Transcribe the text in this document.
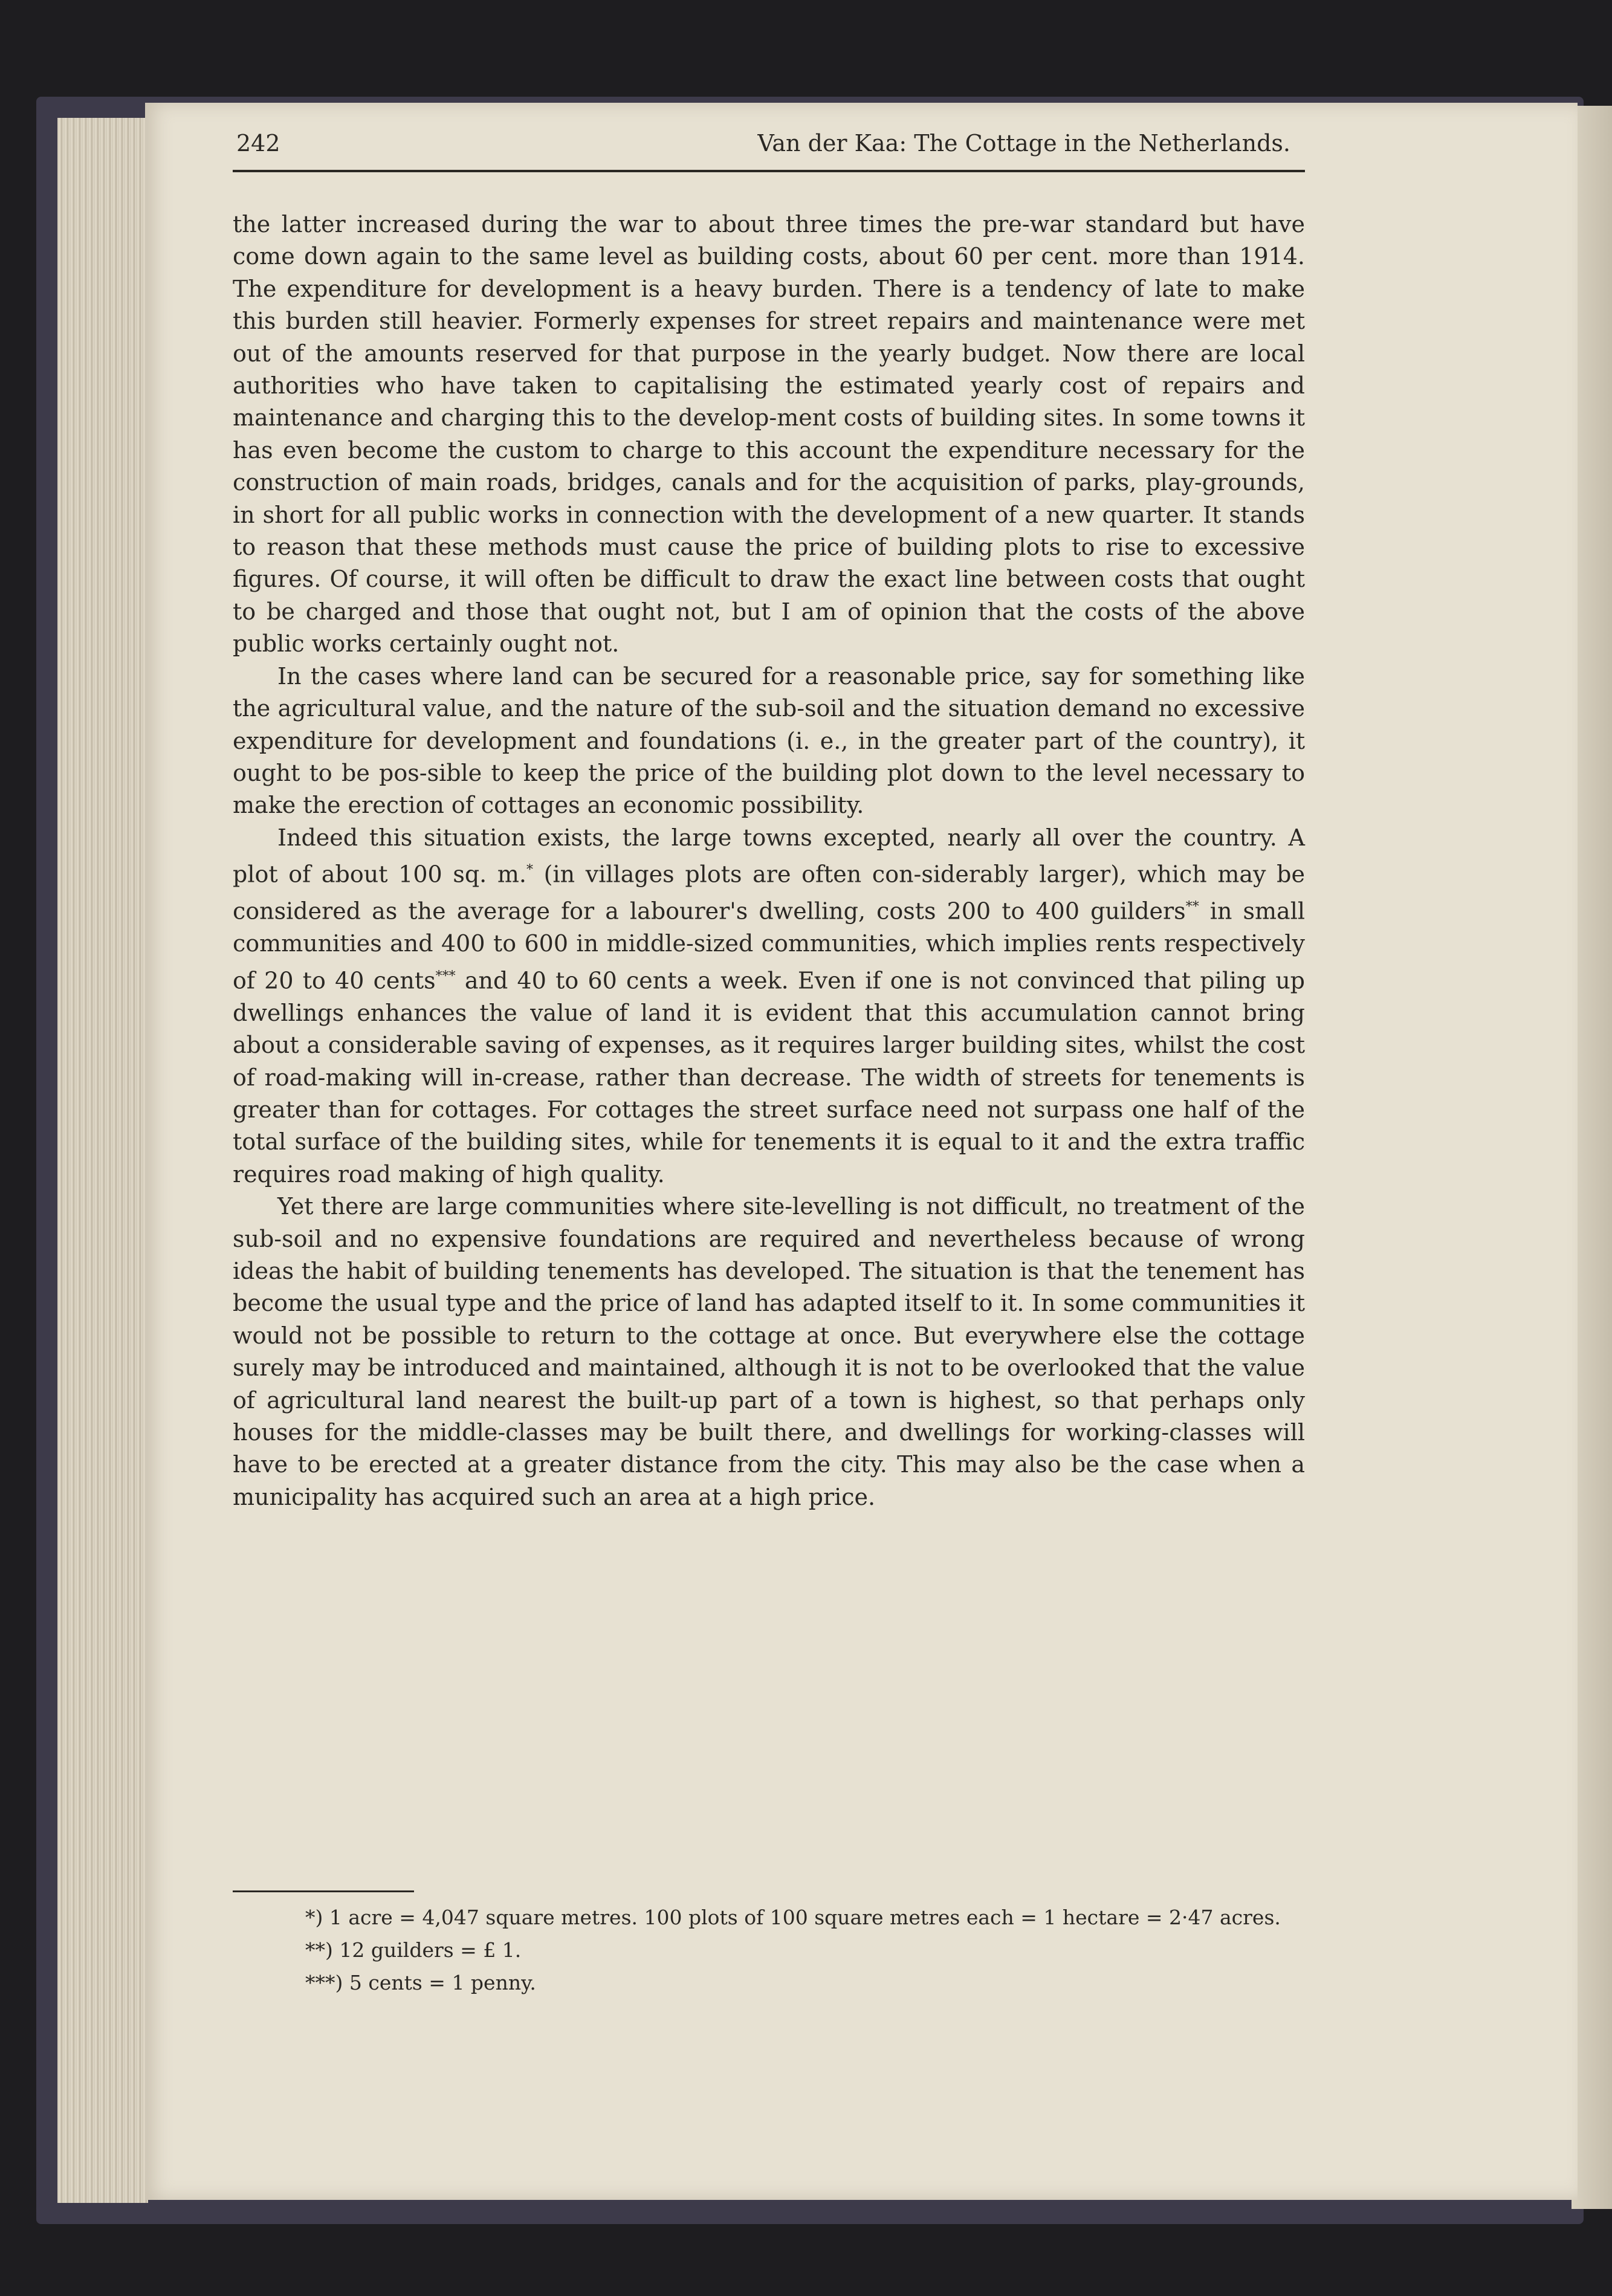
242	Van der Kaa: The Cottage in the Netherlands.

the latter increased during the war to about three times the pre-war standard but have come down again to the same level as building costs, about 60 per cent. more than 1914. The expenditure for development is a heavy burden. There is a tendency of late to make this burden still heavier. Formerly expenses for street repairs and maintenance were met out of the amounts reserved for that purpose in the yearly budget. Now there are local authorities who have taken to capitalising the estimated yearly cost of repairs and maintenance and charging this to the develop-ment costs of building sites. In some towns it has even become the custom to charge to this account the expenditure necessary for the construction of main roads, bridges, canals and for the acquisition of parks, play-grounds, in short for all public works in connection with the development of a new quarter. It stands to reason that these methods must cause the price of building plots to rise to excessive figures. Of course, it will often be difficult to draw the exact line between costs that ought to be charged and those that ought not, but I am of opinion that the costs of the above public works certainly ought not.

In the cases where land can be secured for a reasonable price, say for something like the agricultural value, and the nature of the sub-soil and the situation demand no excessive expenditure for development and foundations (i. e., in the greater part of the country), it ought to be pos-sible to keep the price of the building plot down to the level necessary to make the erection of cottages an economic possibility.

Indeed this situation exists, the large towns excepted, nearly all over the country. A plot of about 100 sq. m.* (in villages plots are often con-siderably larger), which may be considered as the average for a labourer's dwelling, costs 200 to 400 guilders** in small communities and 400 to 600 in middle-sized communities, which implies rents respectively of 20 to 40 cents*** and 40 to 60 cents a week. Even if one is not convinced that piling up dwellings enhances the value of land it is evident that this accumulation cannot bring about a considerable saving of expenses, as it requires larger building sites, whilst the cost of road-making will in-crease, rather than decrease. The width of streets for tenements is greater than for cottages. For cottages the street surface need not surpass one half of the total surface of the building sites, while for tenements it is equal to it and the extra traffic requires road making of high quality.

Yet there are large communities where site-levelling is not difficult, no treatment of the sub-soil and no expensive foundations are required and nevertheless because of wrong ideas the habit of building tenements has developed. The situation is that the tenement has become the usual type and the price of land has adapted itself to it. In some communities it would not be possible to return to the cottage at once. But everywhere else the cottage surely may be introduced and maintained, although it is not to be overlooked that the value of agricultural land nearest the built-up part of a town is highest, so that perhaps only houses for the middle-classes may be built there, and dwellings for working-classes will have to be erected at a greater distance from the city. This may also be the case when a municipality has acquired such an area at a high price.

*) 1 acre = 4,047 square metres. 100 plots of 100 square metres each = 1 hectare = 2·47 acres.

**) 12 guilders = £ 1.

***) 5 cents = 1 penny.
